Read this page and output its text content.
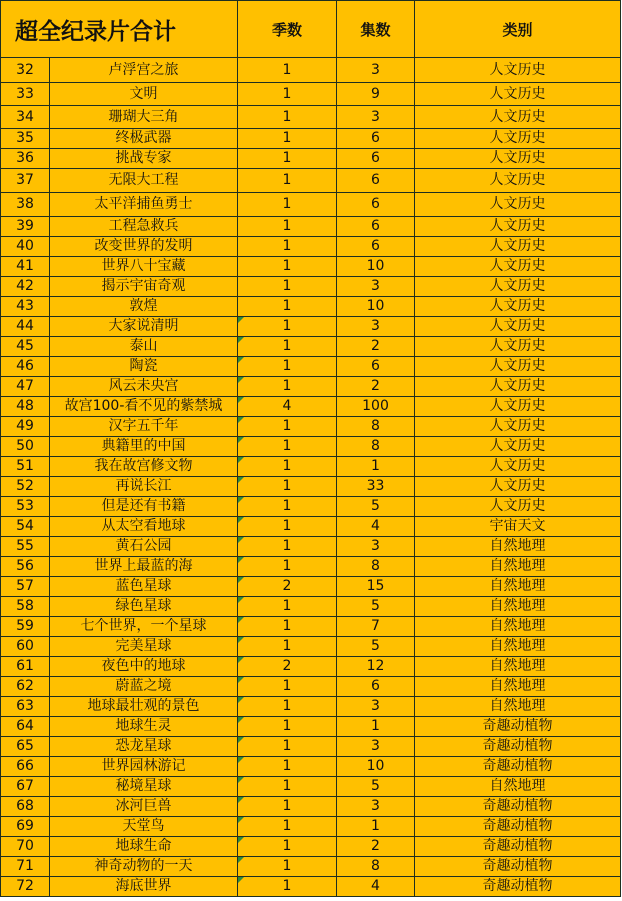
超全纪录片合计		季数	集数	类别
32	卢浮宫之旅	1	3	人文历史
33	文明	1	9	人文历史
34	珊瑚大三角	1	3	人文历史
35	终极武器	1	6	人文历史
36	挑战专家	1	6	人文历史
37	无限大工程	1	6	人文历史
38	太平洋捕鱼勇士	1	6	人文历史
39	工程急救兵	1	6	人文历史
40	改变世界的发明	1	6	人文历史
41	世界八十宝藏	1	10	人文历史
42	揭示宇宙奇观	1	3	人文历史
43	敦煌	1	10	人文历史
44	大家说清明	1	3	人文历史
45	泰山	1	2	人文历史
46	陶瓷	1	6	人文历史
47	风云未央宫	1	2	人文历史
48	故宫100-看不见的紫禁城	4	100	人文历史
49	汉字五千年	1	8	人文历史
50	典籍里的中国	1	8	人文历史
51	我在故宫修文物	1	1	人文历史
52	再说长江	1	33	人文历史
53	但是还有书籍	1	5	人文历史
54	从太空看地球	1	4	宇宙天文
55	黄石公园	1	3	自然地理
56	世界上最蓝的海	1	8	自然地理
57	蓝色星球	2	15	自然地理
58	绿色星球	1	5	自然地理
59	七个世界，一个星球	1	7	自然地理
60	完美星球	1	5	自然地理
61	夜色中的地球	2	12	自然地理
62	蔚蓝之境	1	6	自然地理
63	地球最壮观的景色	1	3	自然地理
64	地球生灵	1	1	奇趣动植物
65	恐龙星球	1	3	奇趣动植物
66	世界园林游记	1	10	奇趣动植物
67	秘境星球	1	5	自然地理
68	冰河巨兽	1	3	奇趣动植物
69	天堂鸟	1	1	奇趣动植物
70	地球生命	1	2	奇趣动植物
71	神奇动物的一天	1	8	奇趣动植物
72	海底世界	1	4	奇趣动植物
